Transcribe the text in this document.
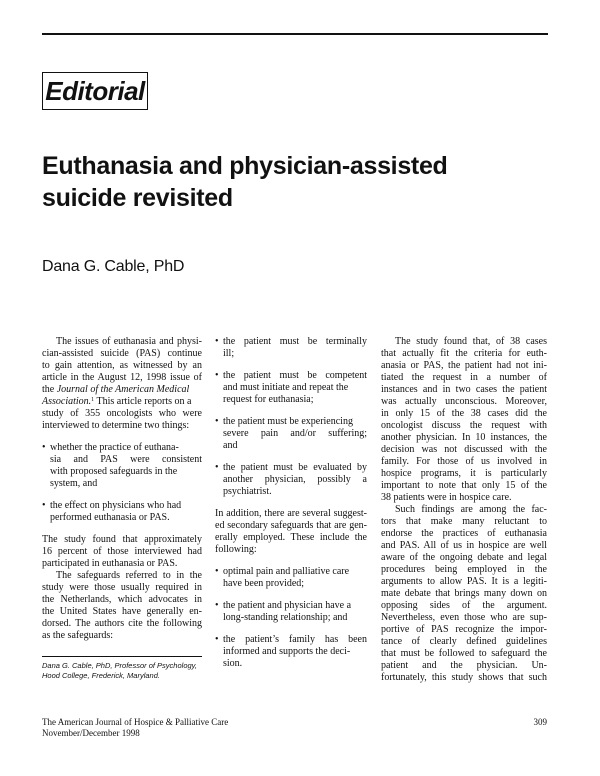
Editorial
Euthanasia and physician-assisted
suicide revisited
Dana G. Cable, PhD
The issues of euthanasia and physi-
cian-assisted suicide (PAS) continue
to gain attention, as witnessed by an
article in the August 12, 1998 issue of
the Journal of the American Medical
Association.$^1$ This article reports on a
study of 355 oncologists who were
interviewed to determine two things:
• whether the practice of euthana-
sia and PAS were consistent
with proposed safeguards in the
system, and
• the effect on physicians who had
performed euthanasia or PAS.
The study found that approximately
16 percent of those interviewed had
participated in euthanasia or PAS.
The safeguards referred to in the
study were those usually required in
the Netherlands, which advocates in
the United States have generally en-
dorsed. The authors cite the following
as the safeguards:
Dana G. Cable, PhD, Professor of Psychology,
Hood College, Frederick, Maryland.
• the patient must be terminally
ill;
• the patient must be competent
and must initiate and repeat the
request for euthanasia;
• the patient must be experiencing
severe pain and/or suffering;
and
• the patient must be evaluated by
another physician, possibly a
psychiatrist.
In addition, there are several suggest-
ed secondary safeguards that are gen-
erally employed. These include the
following:
• optimal pain and palliative care
have been provided;
• the patient and physician have a
long-standing relationship; and
• the patient’s family has been
informed and supports the deci-
sion.
The study found that, of 38 cases
that actually fit the criteria for euth-
anasia or PAS, the patient had not ini-
tiated the request in a number of
instances and in two cases the patient
was actually unconscious. Moreover,
in only 15 of the 38 cases did the
oncologist discuss the request with
another physician. In 10 instances, the
decision was not discussed with the
family. For those of us involved in
hospice programs, it is particularly
important to note that only 15 of the
38 patients were in hospice care.
Such findings are among the fac-
tors that make many reluctant to
endorse the practices of euthanasia
and PAS. All of us in hospice are well
aware of the ongoing debate and legal
procedures being employed in the
arguments to allow PAS. It is a legiti-
mate debate that brings many down on
opposing sides of the argument.
Nevertheless, even those who are sup-
portive of PAS recognize the impor-
tance of clearly defined guidelines
that must be followed to safeguard the
patient and the physician. Un-
fortunately, this study shows that such
The American Journal of Hospice & Palliative Care
November/December 1998
309
